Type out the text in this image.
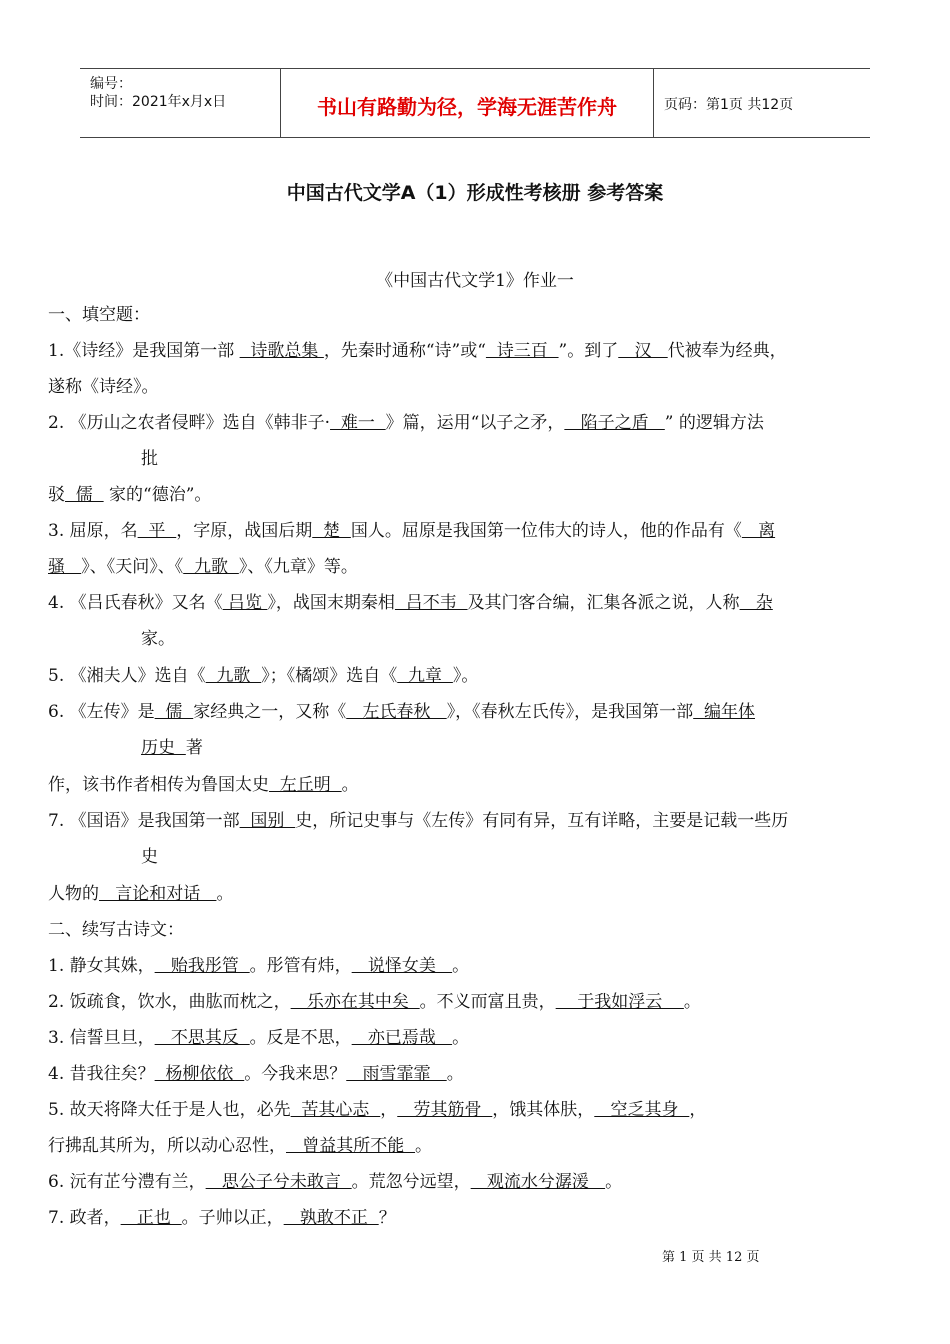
编号：
时间：2021年x月x日	书山有路勤为径，学海无涯苦作舟	页码：第1页 共12页
中国古代文学A（1）形成性考核册 参考答案
《中国古代文学1》作业一
一、填空题：
1.《诗经》是我国第一部   诗歌总集 ，先秦时通称“诗”或“  诗三百  ”。到了   汉   代被奉为经典，
遂称《诗经》。
2. 《历山之农者侵畔》选自《韩非子·  难一  》篇，运用“以子之矛，   陷子之盾   ” 的逻辑方法
批
驳  儒   家的“德治”。
3. 屈原，名  平  ，字原，战国后期  楚  国人。屈原是我国第一位伟大的诗人，他的作品有《   离
骚 》、《天问》、《  九歌  》、《九章》等。
4. 《吕氏春秋》又名《 吕览 》，战国末期秦相  吕不韦  及其门客合编，汇集各派之说，人称   杂
家。
5. 《湘夫人》选自《  九歌  》；《橘颂》选自《  九章  》。
6. 《左传》是  儒  家经典之一，又称《   左氏春秋   》，《春秋左氏传》，是我国第一部  编年体
历史 著
作，该书作者相传为鲁国太史  左丘明  。
7. 《国语》是我国第一部  国别  史，所记史事与《左传》有同有异，互有详略，主要是记载一些历
史
人物的   言论和对话   。
二、续写古诗文：
1. 静女其姝，   贻我彤管  。彤管有炜，   说怿女美   。
2. 饭疏食，饮水，曲肱而枕之，   乐亦在其中矣  。不义而富且贵，    于我如浮云    。
3. 信誓旦旦，   不思其反  。反是不思，   亦已焉哉   。
4. 昔我往矣？  杨柳依依  。今我来思？   雨雪霏霏   。
5. 故天将降大任于是人也，必先  苦其心志  ，   劳其筋骨  ，饿其体肤，   空乏其身  ，
行拂乱其所为，所以动心忍性，   曾益其所不能  。
6. 沅有芷兮澧有兰，   思公子兮未敢言  。荒忽兮远望，   观流水兮潺湲   。
7. 政者，   正也  。子帅以正，   孰敢不正  ？
第 1 页 共 12 页
